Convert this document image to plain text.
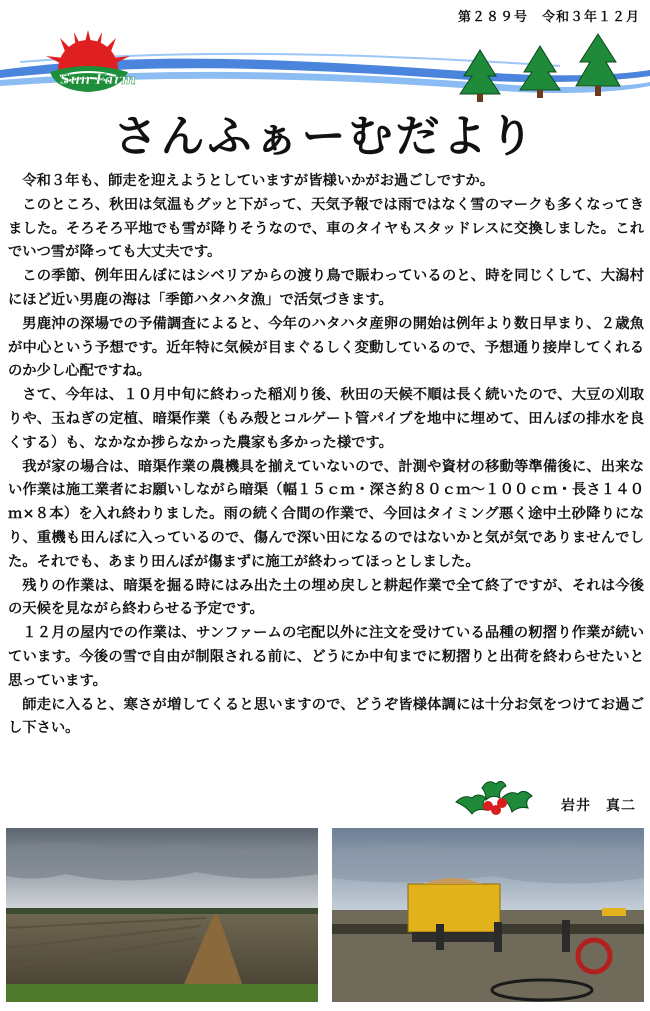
第２８９号　令和３年１２月
Sun Farm
さんふぁーむだより

令和３年も、師走を迎えようとしていますが皆様いかがお過ごしですか。

このところ、秋田は気温もグッと下がって、天気予報では雨ではなく雪のマークも多くなってきました。そろそろ平地でも雪が降りそうなので、車のタイヤもスタッドレスに交換しました。これでいつ雪が降っても大丈夫です。

この季節、例年田んぼにはシベリアからの渡り鳥で賑わっているのと、時を同じくして、大潟村にほど近い男鹿の海は「季節ハタハタ漁」で活気づきます。

男鹿沖の深場での予備調査によると、今年のハタハタ産卵の開始は例年より数日早まり、２歳魚が中心という予想です。近年特に気候が目まぐるしく変動しているので、予想通り接岸してくれるのか少し心配ですね。

さて、今年は、１０月中旬に終わった稲刈り後、秋田の天候不順は長く続いたので、大豆の刈取りや、玉ねぎの定植、暗渠作業（もみ殻とコルゲート管パイプを地中に埋めて、田んぼの排水を良くする）も、なかなか捗らなかった農家も多かった様です。

我が家の場合は、暗渠作業の農機具を揃えていないので、計測や資材の移動等準備後に、出来ない作業は施工業者にお願いしながら暗渠（幅１５ｃｍ・深さ約８０ｃｍ～１００ｃｍ・長さ１４０ｍ×８本）を入れ終わりました。雨の続く合間の作業で、今回はタイミング悪く途中土砂降りになり、重機も田んぼに入っているので、傷んで深い田になるのではないかと気が気でありませんでした。それでも、あまり田んぼが傷まずに施工が終わってほっとしました。

残りの作業は、暗渠を掘る時にはみ出た土の埋め戻しと耕起作業で全て終了ですが、それは今後の天候を見ながら終わらせる予定です。

１２月の屋内での作業は、サンファームの宅配以外に注文を受けている品種の籾摺り作業が続いています。今後の雪で自由が制限される前に、どうにか中旬までに籾摺りと出荷を終わらせたいと思っています。

師走に入ると、寒さが増してくると思いますので、どうぞ皆様体調には十分お気をつけてお過ごし下さい。

岩井　真二
